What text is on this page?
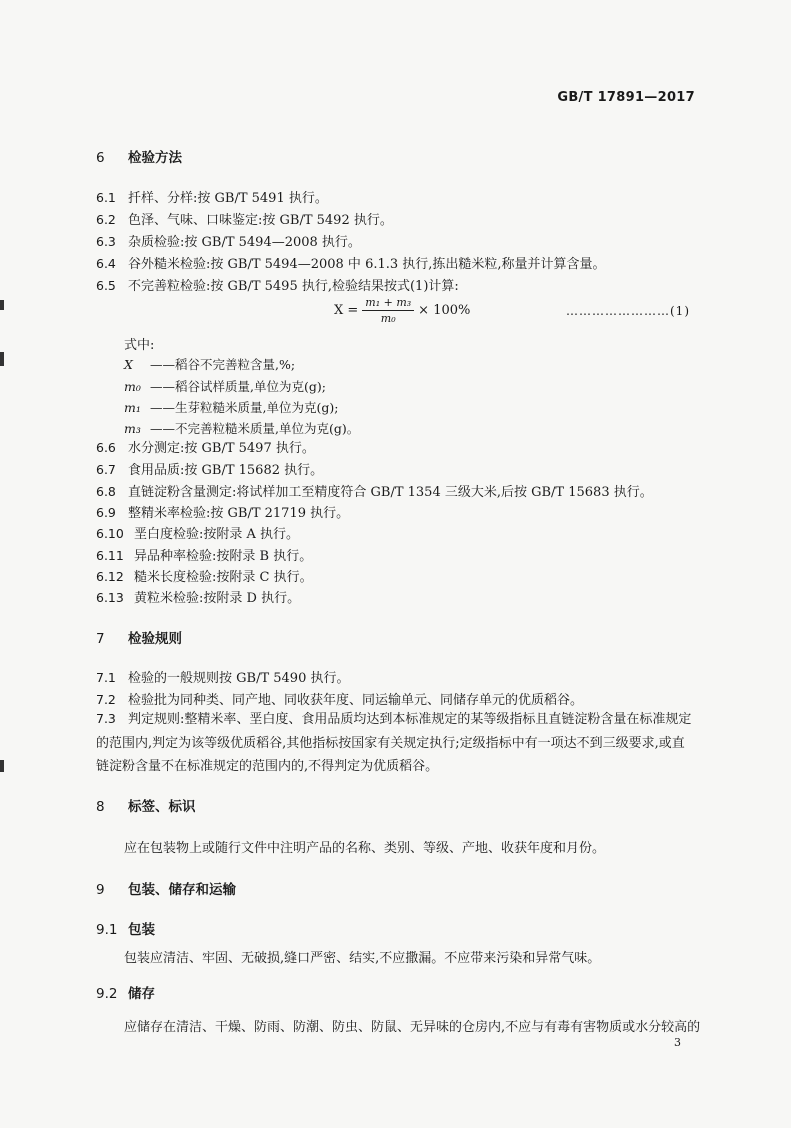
GB/T 17891—2017
6 检验方法
6.1 扦样、分样:按 GB/T 5491 执行。
6.2 色泽、气味、口味鉴定:按 GB/T 5492 执行。
6.3 杂质检验:按 GB/T 5494—2008 执行。
6.4 谷外糙米检验:按 GB/T 5494—2008 中 6.1.3 执行,拣出糙米粒,称量并计算含量。
6.5 不完善粒检验:按 GB/T 5495 执行,检验结果按式(1)计算:
$X = \frac{\text{m₁ + m₃}}{\text{m₀}} \times 100\%$	……………………(1)
式中:
X ——稻谷不完善粒含量,%;
m₀ ——稻谷试样质量,单位为克(g);
m₁ ——生芽粒糙米质量,单位为克(g);
m₃ ——不完善粒糙米质量,单位为克(g)。
6.6 水分测定:按 GB/T 5497 执行。
6.7 食用品质:按 GB/T 15682 执行。
6.8 直链淀粉含量测定:将试样加工至精度符合 GB/T 1354 三级大米,后按 GB/T 15683 执行。
6.9 整精米率检验:按 GB/T 21719 执行。
6.10 垩白度检验:按附录 A 执行。
6.11 异品种率检验:按附录 B 执行。
6.12 糙米长度检验:按附录 C 执行。
6.13 黄粒米检验:按附录 D 执行。
7 检验规则
7.1 检验的一般规则按 GB/T 5490 执行。
7.2 检验批为同种类、同产地、同收获年度、同运输单元、同储存单元的优质稻谷。
7.3 判定规则:整精米率、垩白度、食用品质均达到本标准规定的某等级指标且直链淀粉含量在标准规定的范围内,判定为该等级优质稻谷,其他指标按国家有关规定执行;定级指标中有一项达不到三级要求,或直链淀粉含量不在标准规定的范围内的,不得判定为优质稻谷。
8 标签、标识
应在包装物上或随行文件中注明产品的名称、类别、等级、产地、收获年度和月份。
9 包装、储存和运输
9.1 包装
包装应清洁、牢固、无破损,缝口严密、结实,不应撒漏。不应带来污染和异常气味。
9.2 储存
应储存在清洁、干燥、防雨、防潮、防虫、防鼠、无异味的仓房内,不应与有毒有害物质或水分较高的
3
